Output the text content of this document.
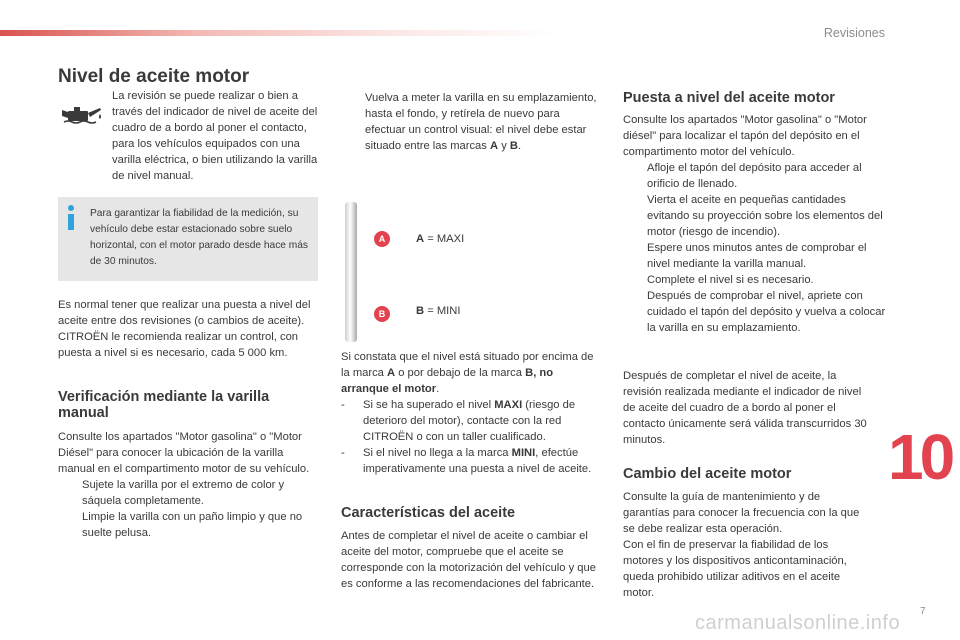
Revisiones
Nivel de aceite motor
La revisión se puede realizar o bien a través del indicador de nivel de aceite del cuadro de a bordo al poner el contacto, para los vehículos equipados con una varilla eléctrica, o bien utilizando la varilla de nivel manual.
Para garantizar la fiabilidad de la medición, su vehículo debe estar estacionado sobre suelo horizontal, con el motor parado desde hace más de 30 minutos.
Es normal tener que realizar una puesta a nivel del aceite entre dos revisiones (o cambios de aceite). CITROËN le recomienda realizar un control, con puesta a nivel si es necesario, cada 5 000 km.
Verificación mediante la varilla manual
Consulte los apartados "Motor gasolina" o "Motor Diésel" para conocer la ubicación de la varilla manual en el compartimento motor de su vehículo.
Sujete la varilla por el extremo de color y sáquela completamente.
Limpie la varilla con un paño limpio y que no suelte pelusa.
Vuelva a meter la varilla en su emplazamiento, hasta el fondo, y retírela de nuevo para efectuar un control visual: el nivel debe estar situado entre las marcas A y B.
A
B
A = MAXI
B = MINI
Si constata que el nivel está situado por encima de la marca A o por debajo de la marca B, no arranque el motor.
- Si se ha superado el nivel MAXI (riesgo de deterioro del motor), contacte con la red CITROËN o con un taller cualificado.
- Si el nivel no llega a la marca MINI, efectúe imperativamente una puesta a nivel de aceite.
Características del aceite
Antes de completar el nivel de aceite o cambiar el aceite del motor, compruebe que el aceite se corresponde con la motorización del vehículo y que es conforme a las recomendaciones del fabricante.
Puesta a nivel del aceite motor
Consulte los apartados "Motor gasolina" o "Motor diésel" para localizar el tapón del depósito en el compartimento motor del vehículo.
Afloje el tapón del depósito para acceder al orificio de llenado.
Vierta el aceite en pequeñas cantidades evitando su proyección sobre los elementos del motor (riesgo de incendio).
Espere unos minutos antes de comprobar el nivel mediante la varilla manual.
Complete el nivel si es necesario.
Después de comprobar el nivel, apriete con cuidado el tapón del depósito y vuelva a colocar la varilla en su emplazamiento.
Después de completar el nivel de aceite, la revisión realizada mediante el indicador de nivel de aceite del cuadro de a bordo al poner el contacto únicamente será válida transcurridos 30 minutos.
Cambio del aceite motor
Consulte la guía de mantenimiento y de garantías para conocer la frecuencia con la que se debe realizar esta operación.
Con el fin de preservar la fiabilidad de los motores y los dispositivos anticontaminación, queda prohibido utilizar aditivos en el aceite motor.
10
7
carmanualsonline.info
